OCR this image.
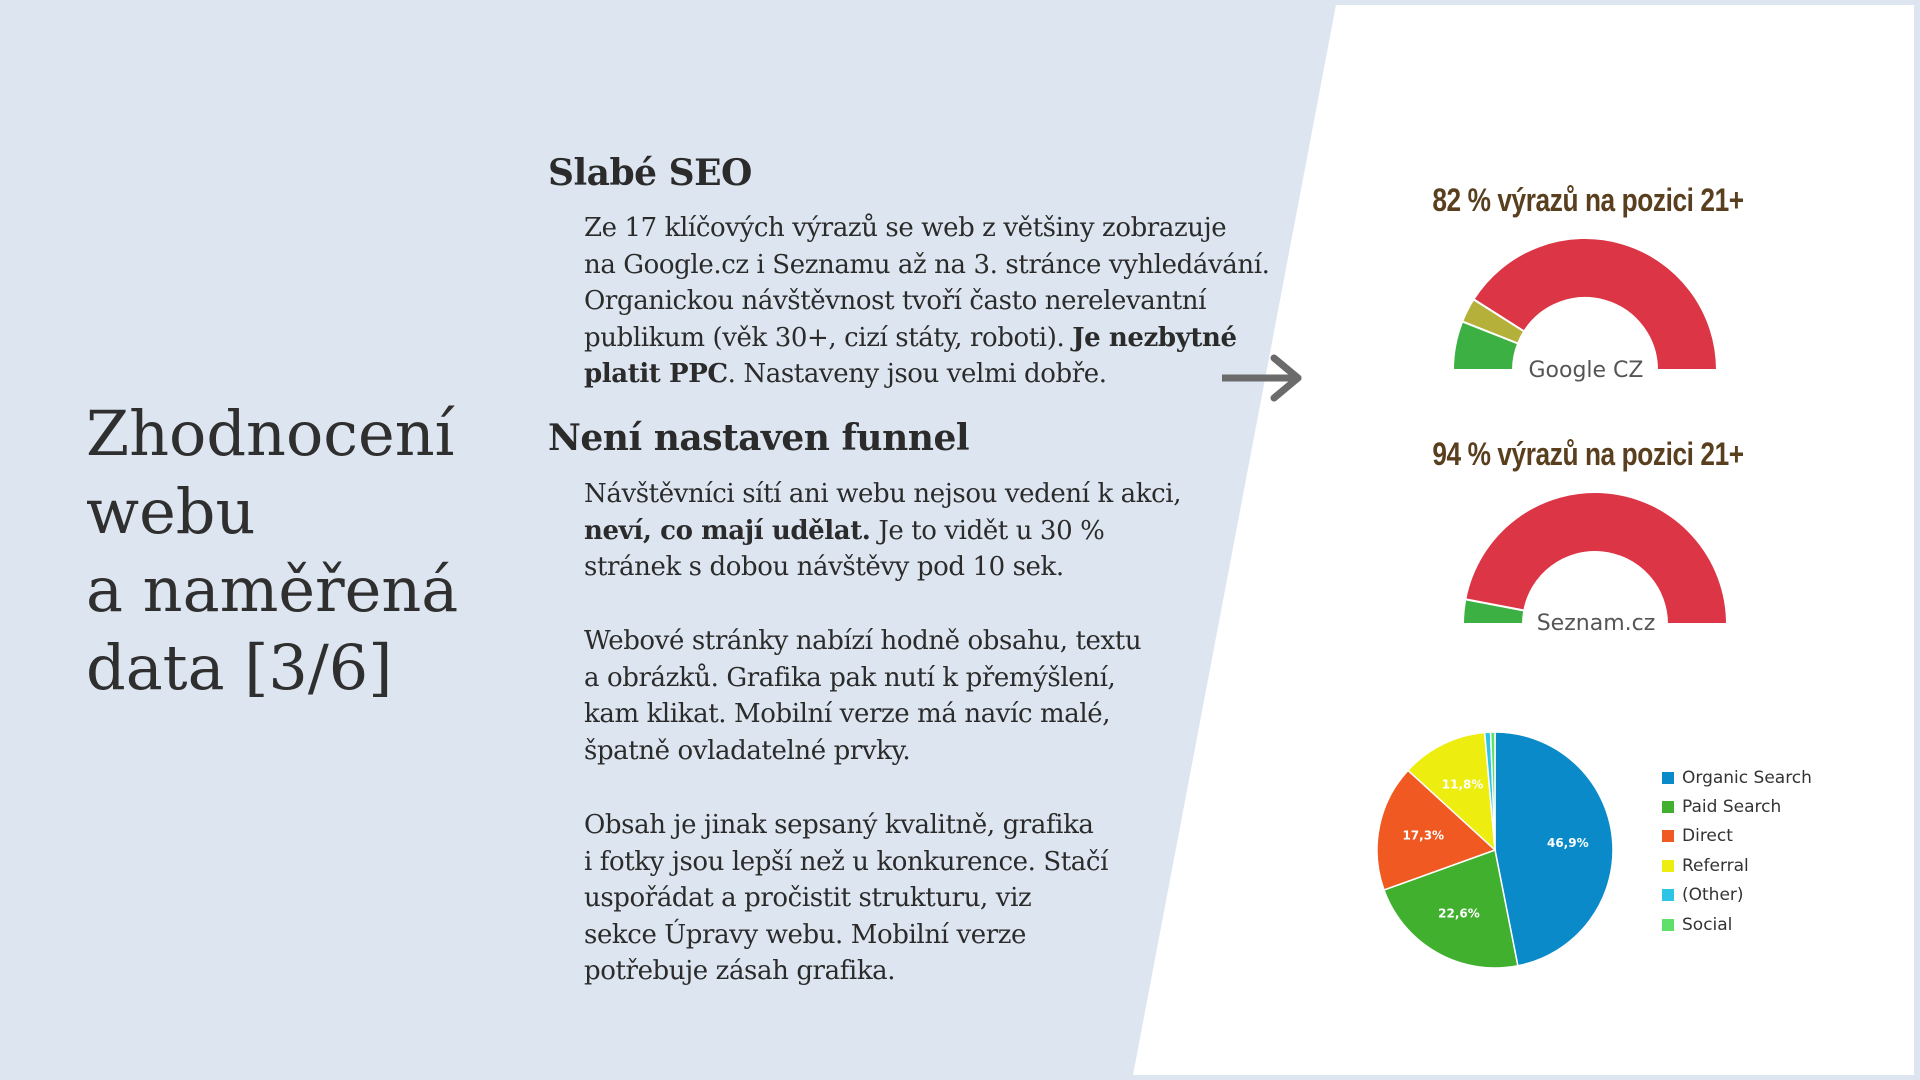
Zhodnocení
webu
a naměřená
data [3/6]
Slabé SEO

Ze 17 klíčových výrazů se web z většiny zobrazuje
na Google.cz i Seznamu až na 3. stránce vyhledávání.
Organickou návštěvnost tvoří často nerelevantní
publikum (věk 30+, cizí státy, roboti). Je nezbytné
platit PPC. Nastaveny jsou velmi dobře.

Není nastaven funnel

Návštěvníci sítí ani webu nejsou vedení k akci,
neví, co mají udělat. Je to vidět u 30 %
stránek s dobou návštěvy pod 10 sek.

Webové stránky nabízí hodně obsahu, textu
a obrázků. Grafika pak nutí k přemýšlení,
kam klikat. Mobilní verze má navíc malé,
špatně ovladatelné prvky.

Obsah je jinak sepsaný kvalitně, grafika
i fotky jsou lepší než u konkurence. Stačí
uspořádat a pročistit strukturu, viz
sekce Úpravy webu. Mobilní verze
potřebuje zásah grafika.

82 % výrazů na pozici 21+
Google CZ
94 % výrazů na pozici 21+
Seznam.cz
46,9%
22,6%
17,3%
11,8%	Organic Search
Paid Search
Direct
Referral
(Other)
Social
